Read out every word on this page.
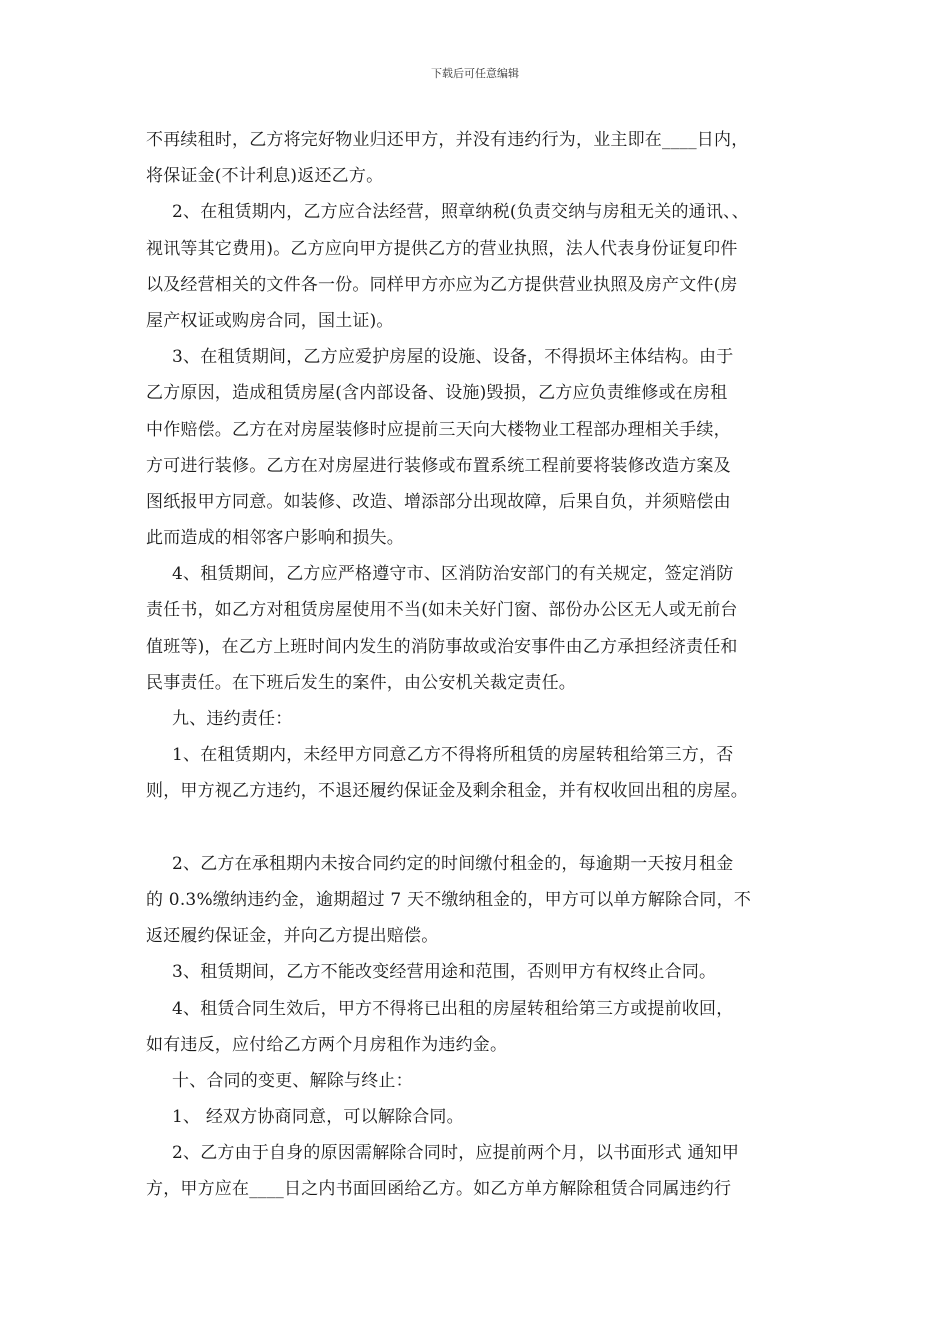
下载后可任意编辑
不再续租时，乙方将完好物业归还甲方，并没有违约行为，业主即在____日内，
将保证金(不计利息)返还乙方。
2、在租赁期内，乙方应合法经营，照章纳税(负责交纳与房租无关的通讯、、
视讯等其它费用)。乙方应向甲方提供乙方的营业执照，法人代表身份证复印件
以及经营相关的文件各一份。同样甲方亦应为乙方提供营业执照及房产文件(房
屋产权证或购房合同，国土证)。
3、在租赁期间，乙方应爱护房屋的设施、设备，不得损坏主体结构。由于
乙方原因，造成租赁房屋(含内部设备、设施)毁损，乙方应负责维修或在房租
中作赔偿。乙方在对房屋装修时应提前三天向大楼物业工程部办理相关手续，
方可进行装修。乙方在对房屋进行装修或布置系统工程前要将装修改造方案及
图纸报甲方同意。如装修、改造、增添部分出现故障，后果自负，并须赔偿由
此而造成的相邻客户影响和损失。
4、租赁期间，乙方应严格遵守市、区消防治安部门的有关规定，签定消防
责任书，如乙方对租赁房屋使用不当(如未关好门窗、部份办公区无人或无前台
值班等)，在乙方上班时间内发生的消防事故或治安事件由乙方承担经济责任和
民事责任。在下班后发生的案件，由公安机关裁定责任。
九、违约责任：
1、在租赁期内，未经甲方同意乙方不得将所租赁的房屋转租给第三方，否
则，甲方视乙方违约，不退还履约保证金及剩余租金，并有权收回出租的房屋。
2、乙方在承租期内未按合同约定的时间缴付租金的，每逾期一天按月租金
的 0.3%缴纳违约金，逾期超过 7 天不缴纳租金的，甲方可以单方解除合同，不
返还履约保证金，并向乙方提出赔偿。
3、租赁期间，乙方不能改变经营用途和范围，否则甲方有权终止合同。
4、租赁合同生效后，甲方不得将已出租的房屋转租给第三方或提前收回，
如有违反，应付给乙方两个月房租作为违约金。
十、合同的变更、解除与终止：
1、 经双方协商同意，可以解除合同。
2、乙方由于自身的原因需解除合同时，应提前两个月，以书面形式 通知甲
方，甲方应在____日之内书面回函给乙方。如乙方单方解除租赁合同属违约行
